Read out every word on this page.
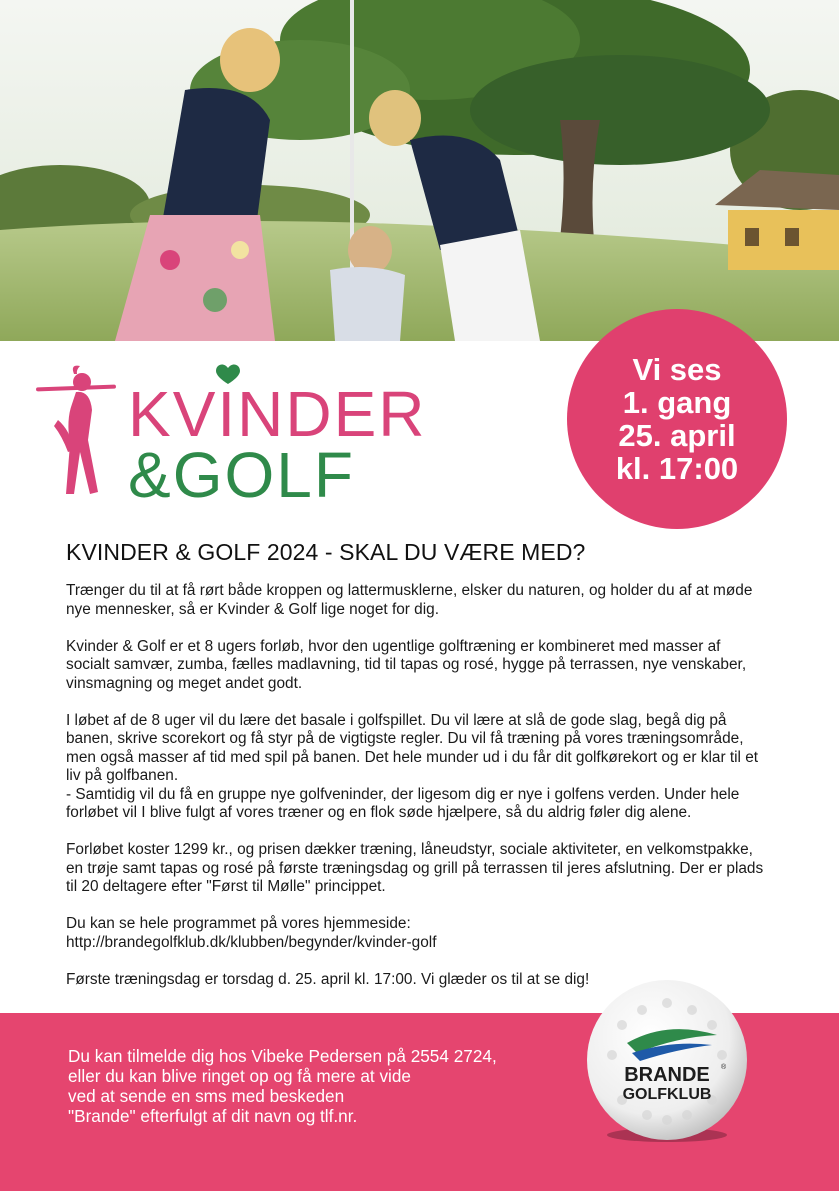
Vi ses
1. gang
25. april
kl. 17:00
KVINDER
&GOLF
KVINDER & GOLF 2024 - SKAL DU VÆRE MED?

Trænger du til at få rørt både kroppen og lattermusklerne, elsker du naturen, og holder du af at møde nye mennesker, så er Kvinder & Golf lige noget for dig.

Kvinder & Golf er et 8 ugers forløb, hvor den ugentlige golftræning er kombineret med masser af socialt samvær, zumba, fælles madlavning, tid til tapas og rosé, hygge på terrassen, nye venskaber, vinsmagning og meget andet godt.

I løbet af de 8 uger vil du lære det basale i golfspillet. Du vil lære at slå de gode slag, begå dig på banen, skrive scorekort og få styr på de vigtigste regler. Du vil få træning på vores træningsområde, men også masser af tid med spil på banen. Det hele munder ud i du får dit golfkørekort og er klar til et liv på golfbanen.

- Samtidig vil du få en gruppe nye golfveninder, der ligesom dig er nye i golfens verden. Under hele forløbet vil I blive fulgt af vores træner og en flok søde hjælpere, så du aldrig føler dig alene.

Forløbet koster 1299 kr., og prisen dækker træning, låneudstyr, sociale aktiviteter, en velkomstpakke, en trøje samt tapas og rosé på første træningsdag og grill på terrassen til jeres afslutning. Der er plads til 20 deltagere efter "Først til Mølle" princippet.

Du kan se hele programmet på vores hjemmeside:

http://brandegolfklub.dk/klubben/begynder/kvinder-golf

Første træningsdag er torsdag d. 25. april kl. 17:00. Vi glæder os til at se dig!

Du kan tilmelde dig hos Vibeke Pedersen på 2554 2724,
eller du kan blive ringet op og få mere at vide
ved at sende en sms med beskeden
"Brande" efterfulgt af dit navn og tlf.nr.
BRANDE ®
GOLFKLUB
